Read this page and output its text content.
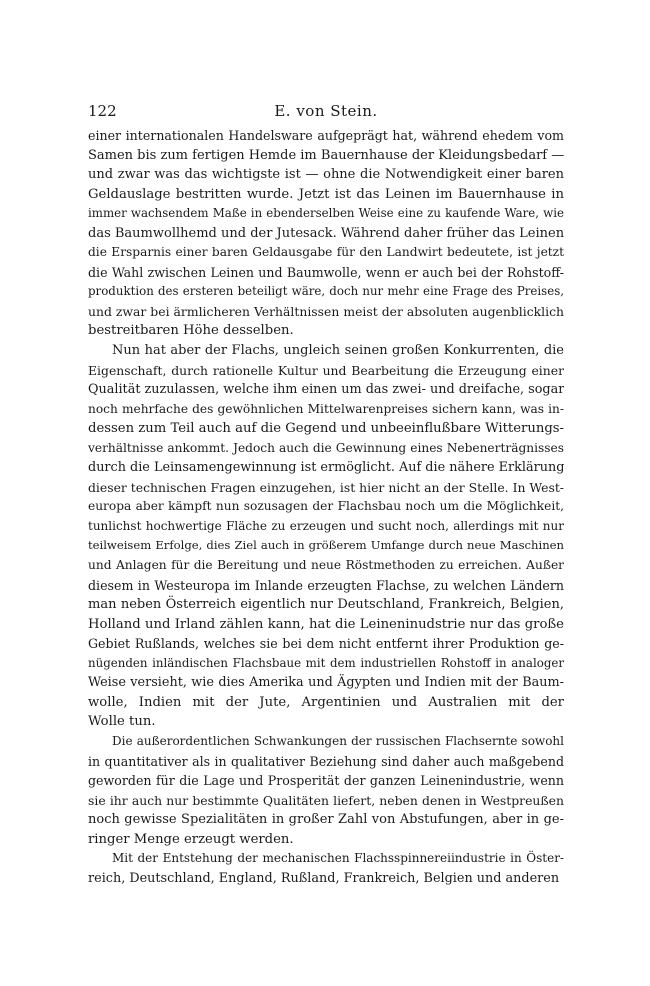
122	E. von Stein.
einer internationalen Handelsware aufgeprägt hat, während ehedem vom
Samen bis zum fertigen Hemde im Bauernhause der Kleidungsbedarf —
und zwar was das wichtigste ist — ohne die Notwendigkeit einer baren
Geldauslage bestritten wurde. Jetzt ist das Leinen im Bauernhause in
immer wachsendem Maße in ebenderselben Weise eine zu kaufende Ware, wie
das Baumwollhemd und der Jutesack. Während daher früher das Leinen
die Ersparnis einer baren Geldausgabe für den Landwirt bedeutete, ist jetzt
die Wahl zwischen Leinen und Baumwolle, wenn er auch bei der Rohstoff-
produktion des ersteren beteiligt wäre, doch nur mehr eine Frage des Preises,
und zwar bei ärmlicheren Verhältnissen meist der absoluten augenblicklich
bestreitbaren Höhe desselben.
Nun hat aber der Flachs, ungleich seinen großen Konkurrenten, die
Eigenschaft, durch rationelle Kultur und Bearbeitung die Erzeugung einer
Qualität zuzulassen, welche ihm einen um das zwei- und dreifache, sogar
noch mehrfache des gewöhnlichen Mittelwarenpreises sichern kann, was in-
dessen zum Teil auch auf die Gegend und unbeeinflußbare Witterungs-
verhältnisse ankommt. Jedoch auch die Gewinnung eines Nebenerträgnisses
durch die Leinsamengewinnung ist ermöglicht. Auf die nähere Erklärung
dieser technischen Fragen einzugehen, ist hier nicht an der Stelle. In West-
europa aber kämpft nun sozusagen der Flachsbau noch um die Möglichkeit,
tunlichst hochwertige Fläche zu erzeugen und sucht noch, allerdings mit nur
teilweisem Erfolge, dies Ziel auch in größerem Umfange durch neue Maschinen
und Anlagen für die Bereitung und neue Röstmethoden zu erreichen. Außer
diesem in Westeuropa im Inlande erzeugten Flachse, zu welchen Ländern
man neben Österreich eigentlich nur Deutschland, Frankreich, Belgien,
Holland und Irland zählen kann, hat die Leineninudstrie nur das große
Gebiet Rußlands, welches sie bei dem nicht entfernt ihrer Produktion ge-
nügenden inländischen Flachsbaue mit dem industriellen Rohstoff in analoger
Weise versieht, wie dies Amerika und Ägypten und Indien mit der Baum-
wolle, Indien mit der Jute, Argentinien und Australien mit der
Wolle tun.
Die außerordentlichen Schwankungen der russischen Flachsernte sowohl
in quantitativer als in qualitativer Beziehung sind daher auch maßgebend
geworden für die Lage und Prosperität der ganzen Leinenindustrie, wenn
sie ihr auch nur bestimmte Qualitäten liefert, neben denen in Westpreußen
noch gewisse Spezialitäten in großer Zahl von Abstufungen, aber in ge-
ringer Menge erzeugt werden.
Mit der Entstehung der mechanischen Flachsspinnereiindustrie in Öster-
reich, Deutschland, England, Rußland, Frankreich, Belgien und anderen
